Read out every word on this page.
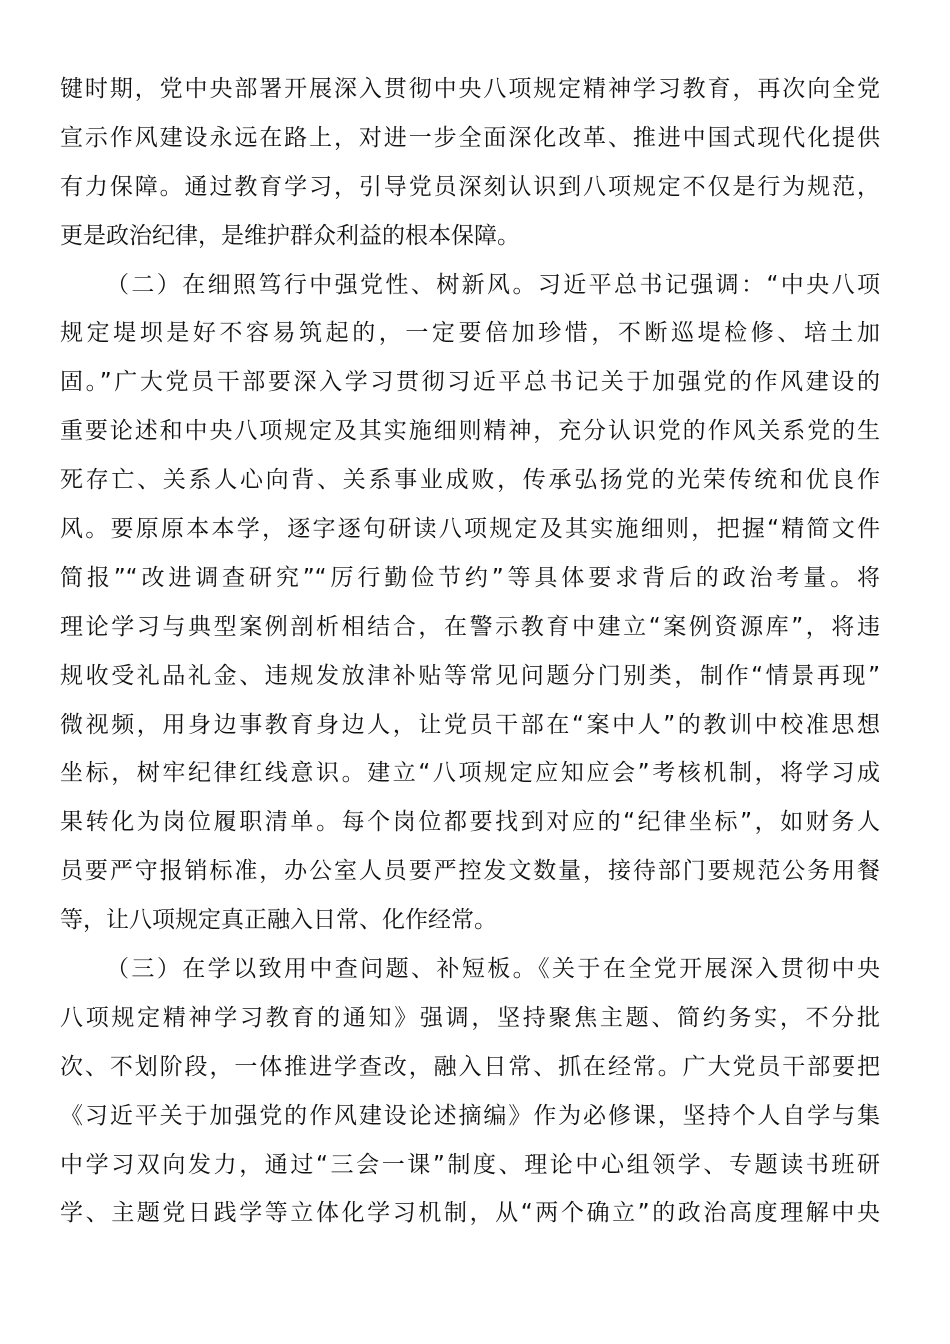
键时期，党中央部署开展深入贯彻中央八项规定精神学习教育，再次向全党
宣示作风建设永远在路上，对进一步全面深化改革、推进中国式现代化提供
有力保障。通过教育学习，引导党员深刻认识到八项规定不仅是行为规范，
更是政治纪律，是维护群众利益的根本保障。
（二）在细照笃行中强党性、树新风。习近平总书记强调：“中央八项
规定堤坝是好不容易筑起的，一定要倍加珍惜，不断巡堤检修、培土加
固。”广大党员干部要深入学习贯彻习近平总书记关于加强党的作风建设的
重要论述和中央八项规定及其实施细则精神，充分认识党的作风关系党的生
死存亡、关系人心向背、关系事业成败，传承弘扬党的光荣传统和优良作
风。要原原本本学，逐字逐句研读八项规定及其实施细则，把握“精简文件
简报”“改进调查研究”“厉行勤俭节约”等具体要求背后的政治考量。将
理论学习与典型案例剖析相结合，在警示教育中建立“案例资源库”，将违
规收受礼品礼金、违规发放津补贴等常见问题分门别类，制作“情景再现”
微视频，用身边事教育身边人，让党员干部在“案中人”的教训中校准思想
坐标，树牢纪律红线意识。建立“八项规定应知应会”考核机制，将学习成
果转化为岗位履职清单。每个岗位都要找到对应的“纪律坐标”，如财务人
员要严守报销标准，办公室人员要严控发文数量，接待部门要规范公务用餐
等，让八项规定真正融入日常、化作经常。
（三）在学以致用中查问题、补短板。《关于在全党开展深入贯彻中央
八项规定精神学习教育的通知》强调，坚持聚焦主题、简约务实，不分批
次、不划阶段，一体推进学查改，融入日常、抓在经常。广大党员干部要把
《习近平关于加强党的作风建设论述摘编》作为必修课，坚持个人自学与集
中学习双向发力，通过“三会一课”制度、理论中心组领学、专题读书班研
学、主题党日践学等立体化学习机制，从“两个确立”的政治高度理解中央
